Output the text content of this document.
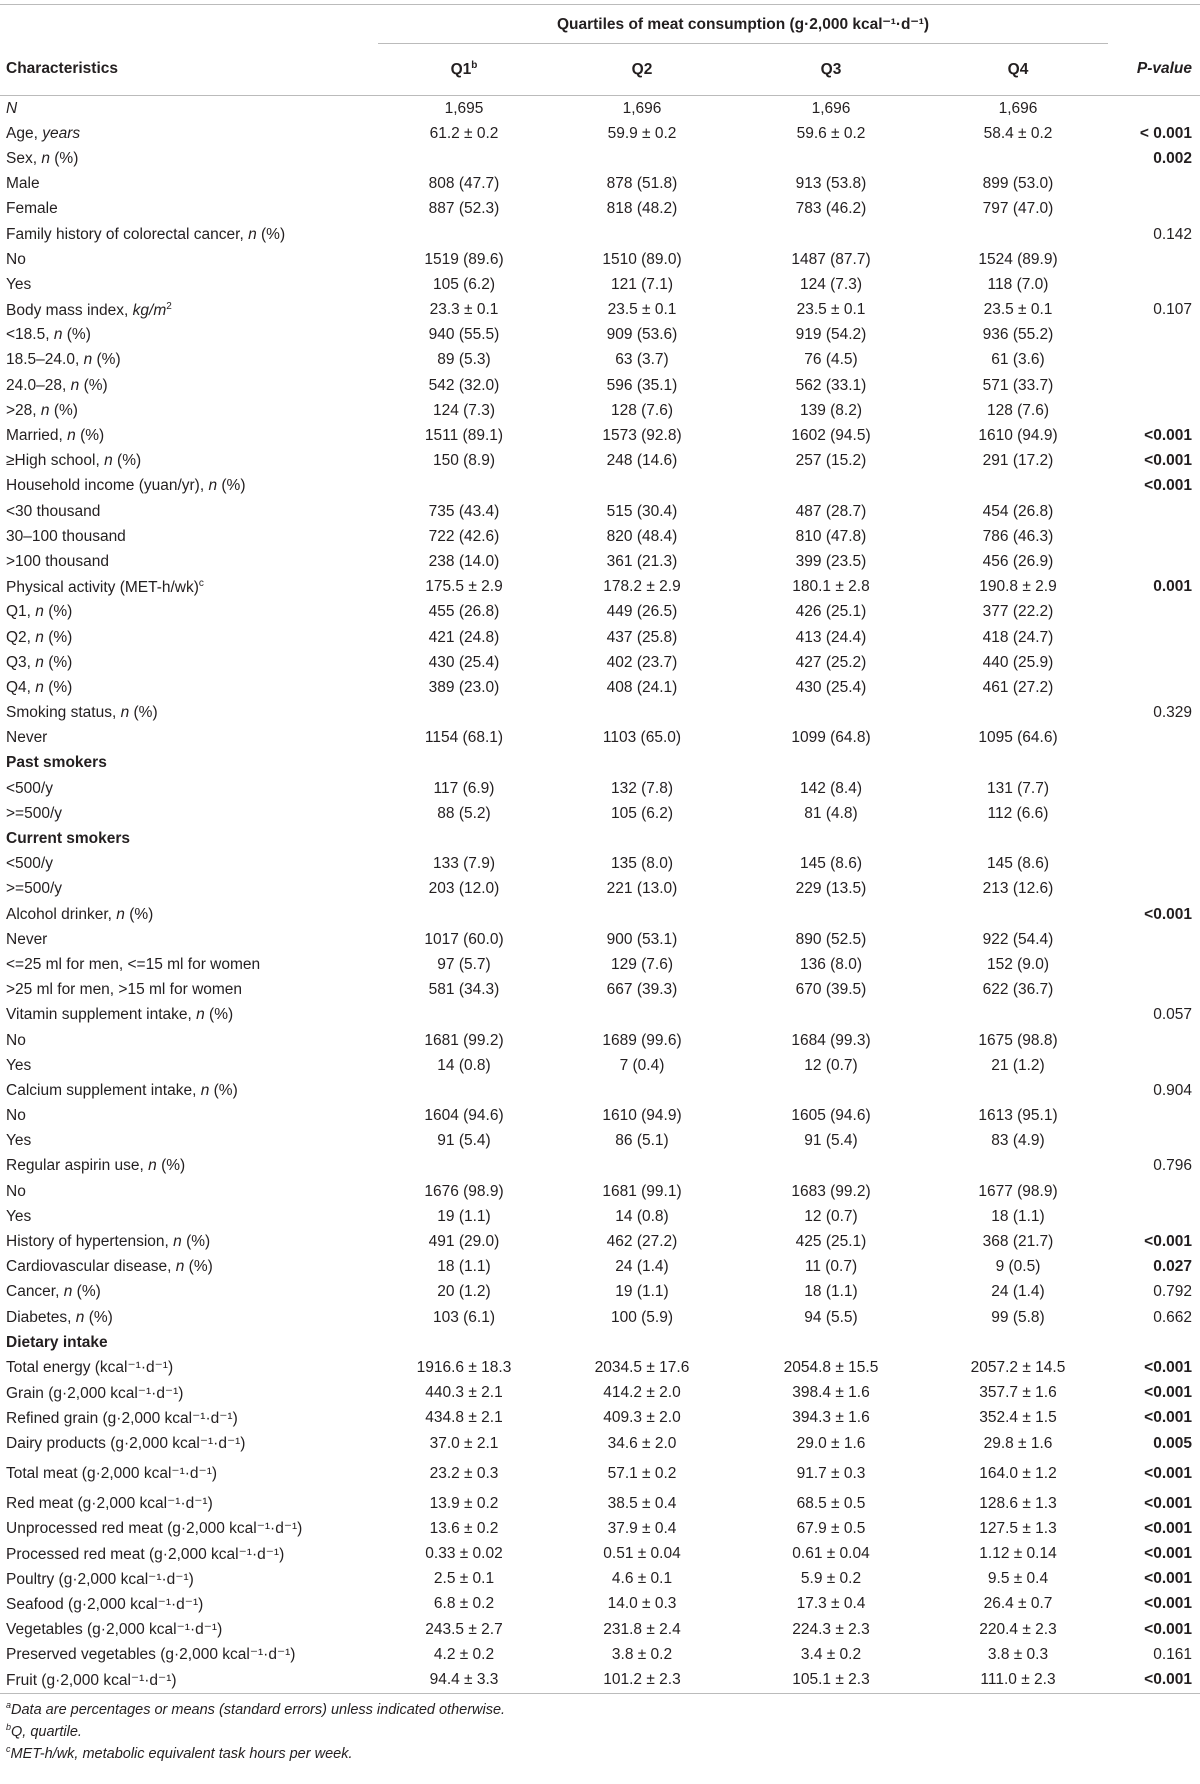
	Quartiles of meat consumption (g·2,000 kcal⁻¹·d⁻¹)				
Characteristics	Q1$^b$	Q2	Q3	Q4	P-value
N	1,695	1,696	1,696	1,696	
Age, years	61.2 ± 0.2	59.9 ± 0.2	59.6 ± 0.2	58.4 ± 0.2	< 0.001
Sex, n (%)					0.002
Male	808 (47.7)	878 (51.8)	913 (53.8)	899 (53.0)	
Female	887 (52.3)	818 (48.2)	783 (46.2)	797 (47.0)	
Family history of colorectal cancer, n (%)					0.142
No	1519 (89.6)	1510 (89.0)	1487 (87.7)	1524 (89.9)	
Yes	105 (6.2)	121 (7.1)	124 (7.3)	118 (7.0)	
Body mass index, $kg/m^2$	23.3 ± 0.1	23.5 ± 0.1	23.5 ± 0.1	23.5 ± 0.1	0.107
<18.5, n (%)	940 (55.5)	909 (53.6)	919 (54.2)	936 (55.2)	
18.5–24.0, n (%)	89 (5.3)	63 (3.7)	76 (4.5)	61 (3.6)	
24.0–28, n (%)	542 (32.0)	596 (35.1)	562 (33.1)	571 (33.7)	
>28, n (%)	124 (7.3)	128 (7.6)	139 (8.2)	128 (7.6)	
Married, n (%)	1511 (89.1)	1573 (92.8)	1602 (94.5)	1610 (94.9)	<0.001
≥High school, n (%)	150 (8.9)	248 (14.6)	257 (15.2)	291 (17.2)	<0.001
Household income (yuan/yr), n (%)					<0.001
<30 thousand	735 (43.4)	515 (30.4)	487 (28.7)	454 (26.8)	
30–100 thousand	722 (42.6)	820 (48.4)	810 (47.8)	786 (46.3)	
>100 thousand	238 (14.0)	361 (21.3)	399 (23.5)	456 (26.9)	
Physical activity $(MET-h/wk)^c$	175.5 ± 2.9	178.2 ± 2.9	180.1 ± 2.8	190.8 ± 2.9	0.001
Q1, n (%)	455 (26.8)	449 (26.5)	426 (25.1)	377 (22.2)	
Q2, n (%)	421 (24.8)	437 (25.8)	413 (24.4)	418 (24.7)	
Q3, n (%)	430 (25.4)	402 (23.7)	427 (25.2)	440 (25.9)	
Q4, n (%)	389 (23.0)	408 (24.1)	430 (25.4)	461 (27.2)	
Smoking status, n (%)					0.329
Never	1154 (68.1)	1103 (65.0)	1099 (64.8)	1095 (64.6)	
Past smokers					
<500/y	117 (6.9)	132 (7.8)	142 (8.4)	131 (7.7)	
>=500/y	88 (5.2)	105 (6.2)	81 (4.8)	112 (6.6)	
Current smokers					
<500/y	133 (7.9)	135 (8.0)	145 (8.6)	145 (8.6)	
>=500/y	203 (12.0)	221 (13.0)	229 (13.5)	213 (12.6)	
Alcohol drinker, n (%)					<0.001
Never	1017 (60.0)	900 (53.1)	890 (52.5)	922 (54.4)	
<=25 ml for men, <=15 ml for women	97 (5.7)	129 (7.6)	136 (8.0)	152 (9.0)	
>25 ml for men, >15 ml for women	581 (34.3)	667 (39.3)	670 (39.5)	622 (36.7)	
Vitamin supplement intake, n (%)					0.057
No	1681 (99.2)	1689 (99.6)	1684 (99.3)	1675 (98.8)	
Yes	14 (0.8)	7 (0.4)	12 (0.7)	21 (1.2)	
Calcium supplement intake, n (%)					0.904
No	1604 (94.6)	1610 (94.9)	1605 (94.6)	1613 (95.1)	
Yes	91 (5.4)	86 (5.1)	91 (5.4)	83 (4.9)	
Regular aspirin use, n (%)					0.796
No	1676 (98.9)	1681 (99.1)	1683 (99.2)	1677 (98.9)	
Yes	19 (1.1)	14 (0.8)	12 (0.7)	18 (1.1)	
History of hypertension, n (%)	491 (29.0)	462 (27.2)	425 (25.1)	368 (21.7)	<0.001
Cardiovascular disease, n (%)	18 (1.1)	24 (1.4)	11 (0.7)	9 (0.5)	0.027
Cancer, n (%)	20 (1.2)	19 (1.1)	18 (1.1)	24 (1.4)	0.792
Diabetes, n (%)	103 (6.1)	100 (5.9)	94 (5.5)	99 (5.8)	0.662
Dietary intake					
Total energy (kcal⁻¹·d⁻¹)	1916.6 ± 18.3	2034.5 ± 17.6	2054.8 ± 15.5	2057.2 ± 14.5	<0.001
Grain (g·2,000 kcal⁻¹·d⁻¹)	440.3 ± 2.1	414.2 ± 2.0	398.4 ± 1.6	357.7 ± 1.6	<0.001
Refined grain (g·2,000 kcal⁻¹·d⁻¹)	434.8 ± 2.1	409.3 ± 2.0	394.3 ± 1.6	352.4 ± 1.5	<0.001
Dairy products (g·2,000 kcal⁻¹·d⁻¹)	37.0 ± 2.1	34.6 ± 2.0	29.0 ± 1.6	29.8 ± 1.6	0.005
Total meat (g·2,000 kcal⁻¹·d⁻¹)	23.2 ± 0.3	57.1 ± 0.2	91.7 ± 0.3	164.0 ± 1.2	<0.001
Red meat (g·2,000 kcal⁻¹·d⁻¹)	13.9 ± 0.2	38.5 ± 0.4	68.5 ± 0.5	128.6 ± 1.3	<0.001
Unprocessed red meat (g·2,000 kcal⁻¹·d⁻¹)	13.6 ± 0.2	37.9 ± 0.4	67.9 ± 0.5	127.5 ± 1.3	<0.001
Processed red meat (g·2,000 kcal⁻¹·d⁻¹)	0.33 ± 0.02	0.51 ± 0.04	0.61 ± 0.04	1.12 ± 0.14	<0.001
Poultry (g·2,000 kcal⁻¹·d⁻¹)	2.5 ± 0.1	4.6 ± 0.1	5.9 ± 0.2	9.5 ± 0.4	<0.001
Seafood (g·2,000 kcal⁻¹·d⁻¹)	6.8 ± 0.2	14.0 ± 0.3	17.3 ± 0.4	26.4 ± 0.7	<0.001
Vegetables (g·2,000 kcal⁻¹·d⁻¹)	243.5 ± 2.7	231.8 ± 2.4	224.3 ± 2.3	220.4 ± 2.3	<0.001
Preserved vegetables (g·2,000 kcal⁻¹·d⁻¹)	4.2 ± 0.2	3.8 ± 0.2	3.4 ± 0.2	3.8 ± 0.3	0.161
Fruit (g·2,000 kcal⁻¹·d⁻¹)	94.4 ± 3.3	101.2 ± 2.3	105.1 ± 2.3	111.0 ± 2.3	<0.001
$^a$Data are percentages or means (standard errors) unless indicated otherwise.
$^b$Q, quartile.
$^c$MET-h/wk, metabolic equivalent task hours per week.
